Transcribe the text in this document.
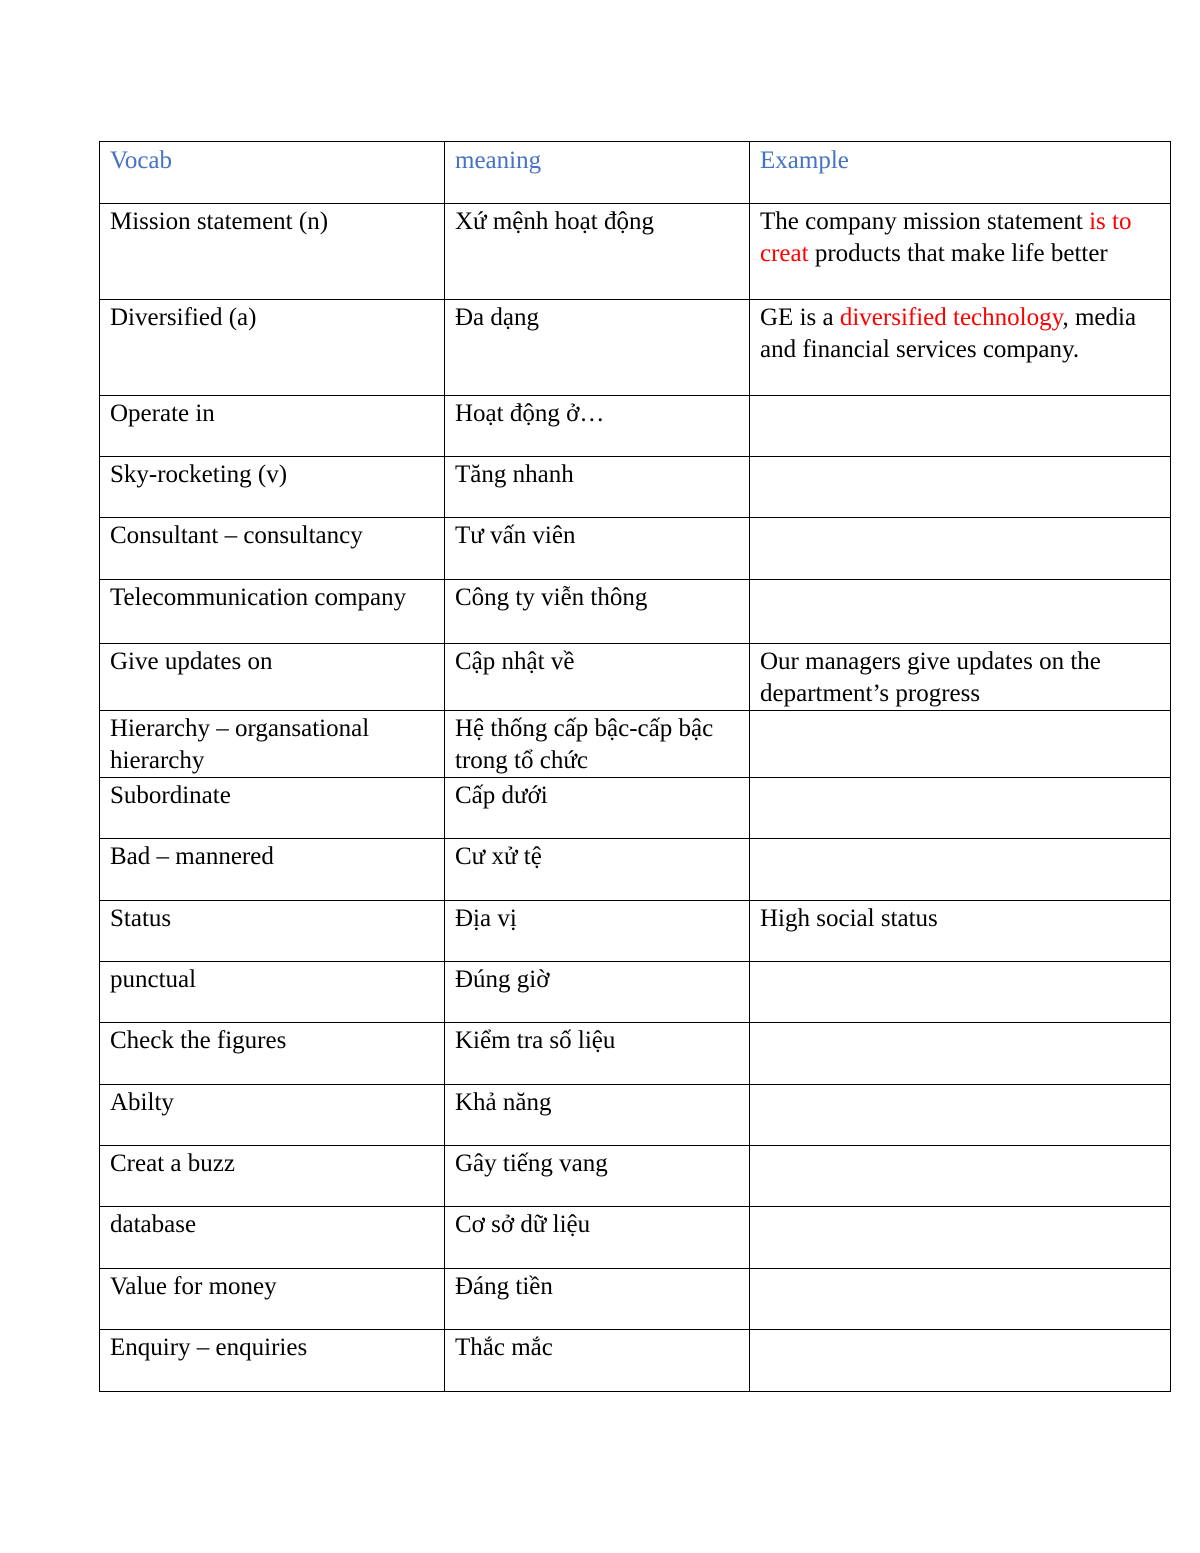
Vocab	meaning	Example
Mission statement (n)	Xứ mệnh hoạt động	The company mission statement is to creat products that make life better
Diversified (a)	Đa dạng	GE is a diversified technology, media and financial services company.
Operate in	Hoạt động ở…	
Sky-rocketing (v)	Tăng nhanh	
Consultant – consultancy	Tư vấn viên	
Telecommunication company	Công ty viễn thông	
Give updates on	Cập nhật về	Our managers give updates on the department’s progress
Hierarchy – organsational hierarchy	Hệ thống cấp bậc-cấp bậc trong tổ chức	
Subordinate	Cấp dưới	
Bad – mannered	Cư xử tệ	
Status	Địa vị	High social status
punctual	Đúng giờ	
Check the figures	Kiểm tra số liệu	
Abilty	Khả năng	
Creat a buzz	Gây tiếng vang	
database	Cơ sở dữ liệu	
Value for money	Đáng tiền	
Enquiry – enquiries	Thắc mắc	
